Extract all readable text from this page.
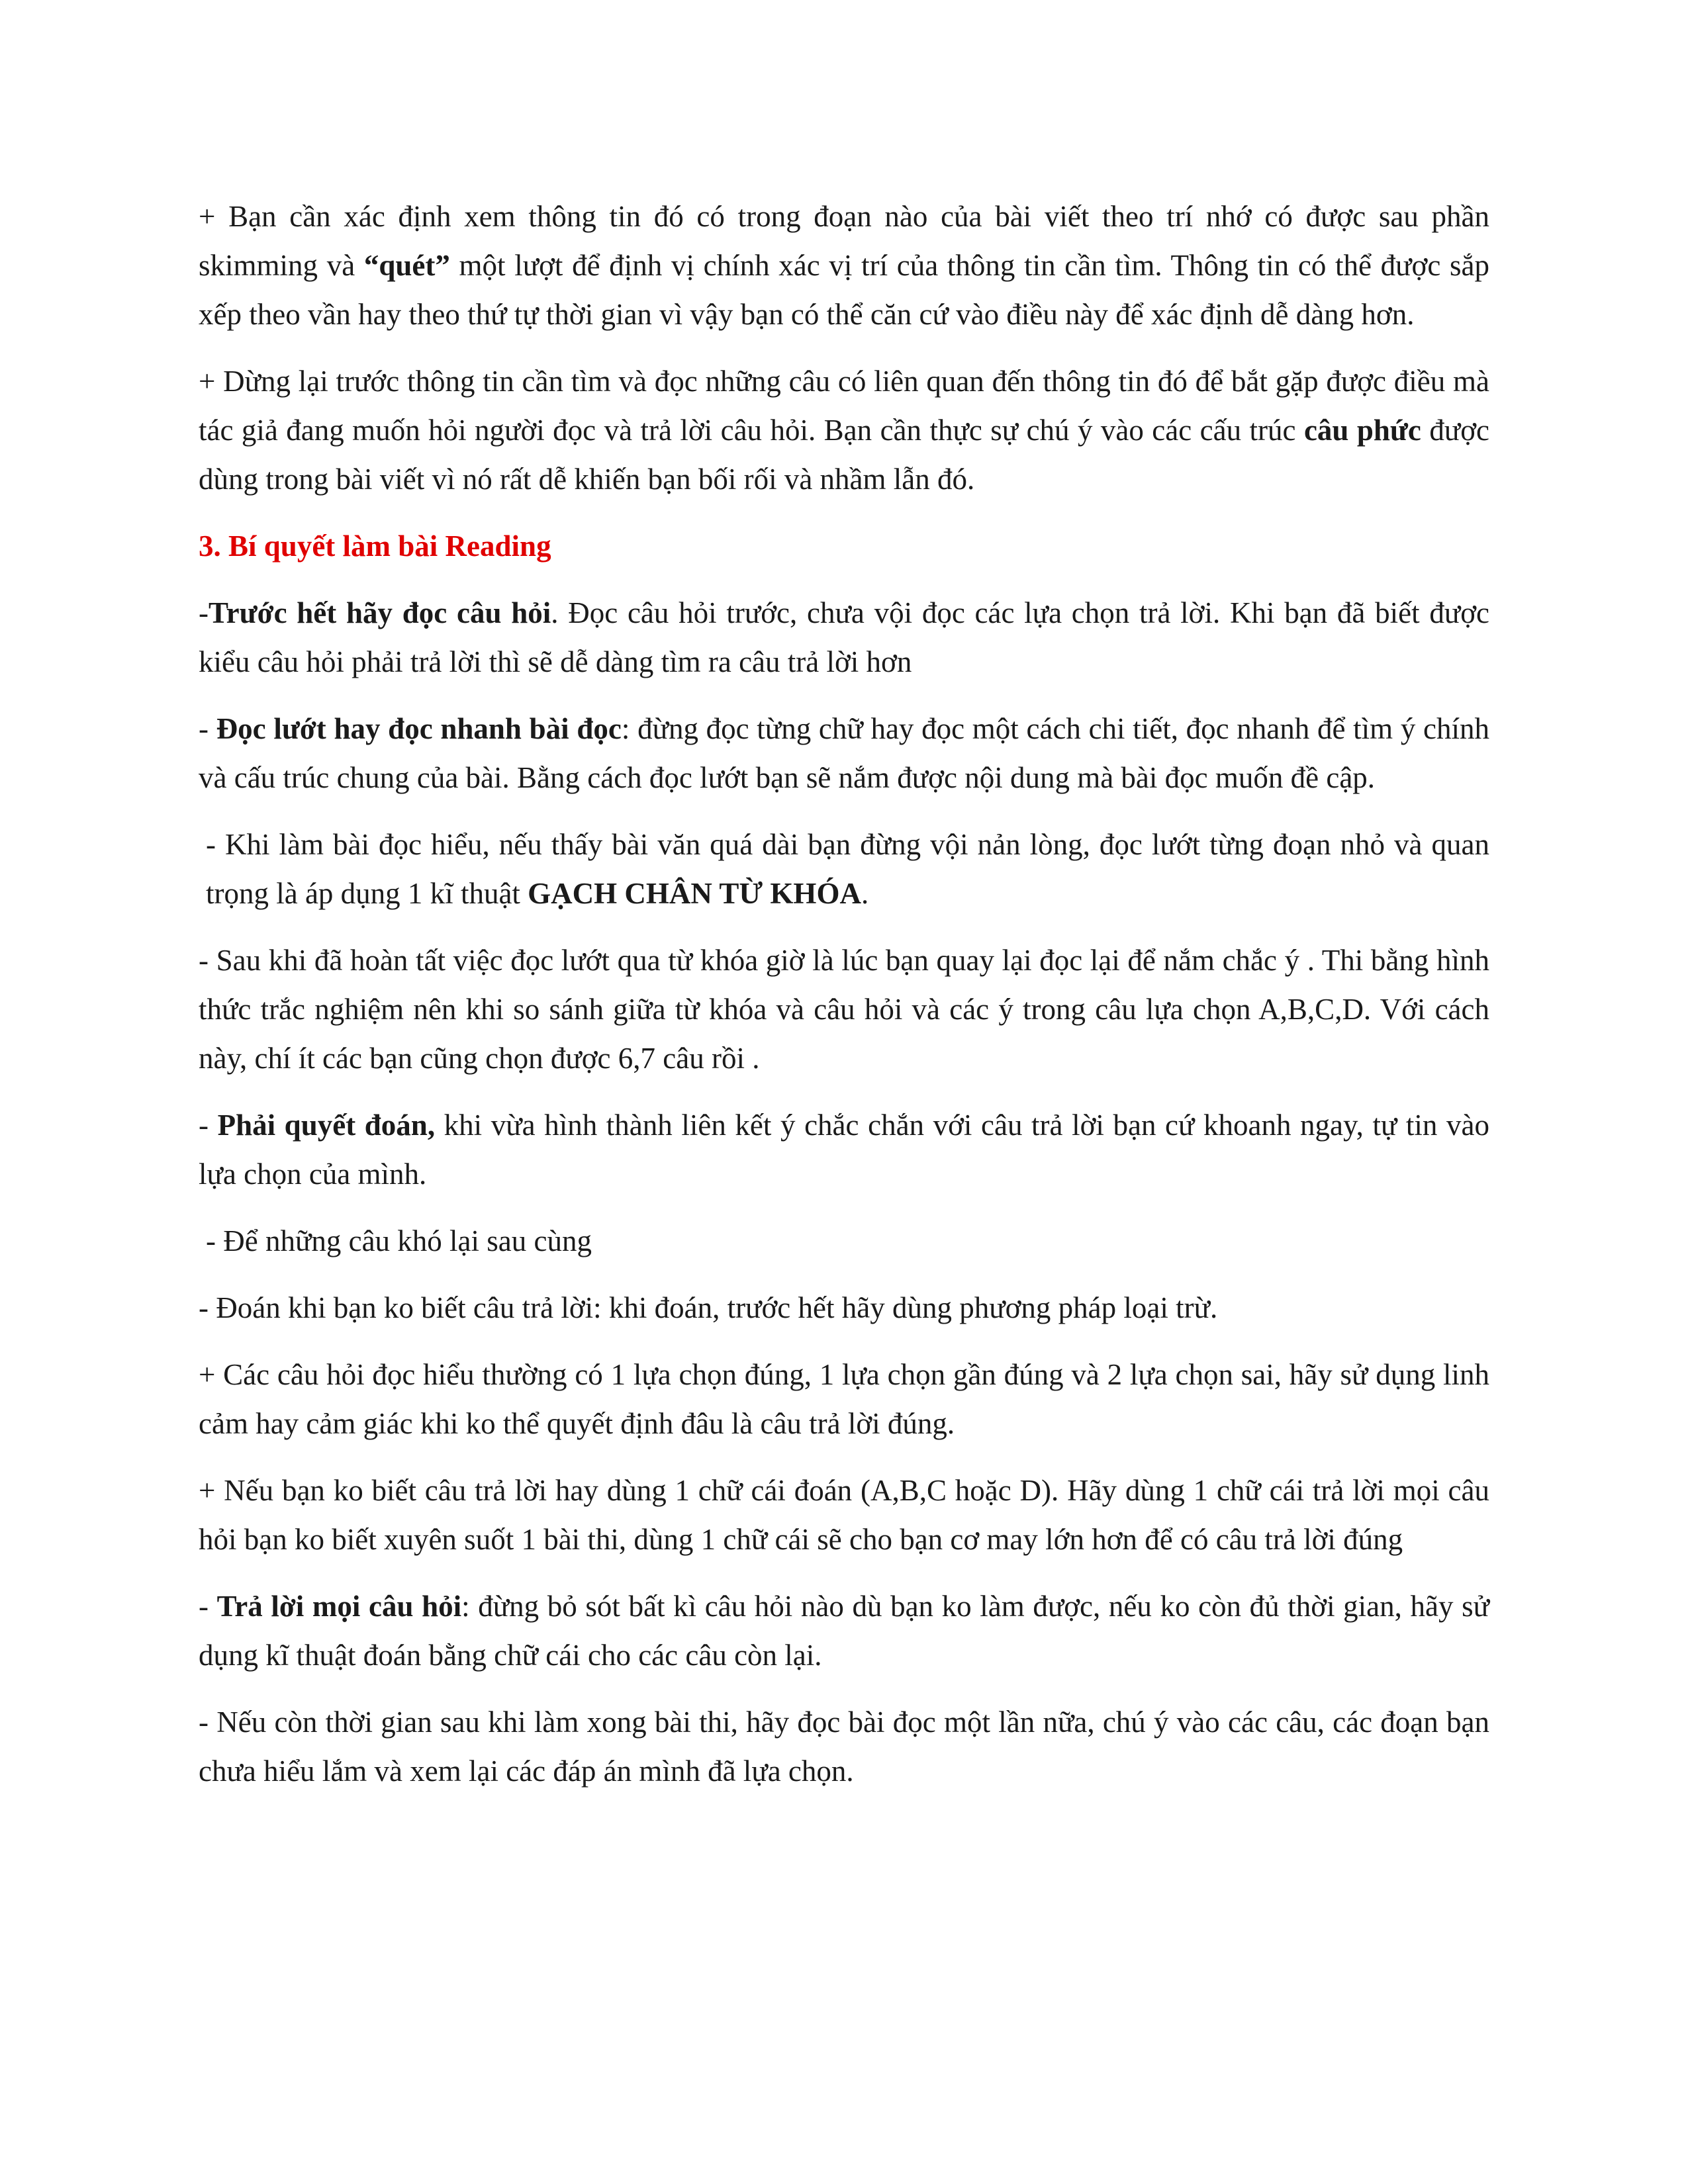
+ Bạn cần xác định xem thông tin đó có trong đoạn nào của bài viết theo trí nhớ có được sau phần skimming và “quét” một lượt để định vị chính xác vị trí của thông tin cần tìm. Thông tin có thể được sắp xếp theo vần hay theo thứ tự thời gian vì vậy bạn có thể căn cứ vào điều này để xác định dễ dàng hơn.

+ Dừng lại trước thông tin cần tìm và đọc những câu có liên quan đến thông tin đó để bắt gặp được điều mà tác giả đang muốn hỏi người đọc và trả lời câu hỏi. Bạn cần thực sự chú ý vào các cấu trúc câu phức được dùng trong bài viết vì nó rất dễ khiến bạn bối rối và nhầm lẫn đó.

3. Bí quyết làm bài Reading

-Trước hết hãy đọc câu hỏi. Đọc câu hỏi trước, chưa vội đọc các lựa chọn trả lời. Khi bạn đã biết được kiểu câu hỏi phải trả lời thì sẽ dễ dàng tìm ra câu trả lời hơn

- Đọc lướt hay đọc nhanh bài đọc: đừng đọc từng chữ hay đọc một cách chi tiết, đọc nhanh để tìm ý chính và cấu trúc chung của bài. Bằng cách đọc lướt bạn sẽ nắm được nội dung mà bài đọc muốn đề cập.

- Khi làm bài đọc hiểu, nếu thấy bài văn quá dài bạn đừng vội nản lòng, đọc lướt từng đoạn nhỏ và quan trọng là áp dụng 1 kĩ thuật GẠCH CHÂN TỪ KHÓA.

- Sau khi đã hoàn tất việc đọc lướt qua từ khóa giờ là lúc bạn quay lại đọc lại để nắm chắc ý . Thi bằng hình thức trắc nghiệm nên khi so sánh giữa từ khóa và câu hỏi và các ý trong câu lựa chọn A,B,C,D. Với cách này, chí ít các bạn cũng chọn được 6,7 câu rồi .

- Phải quyết đoán, khi vừa hình thành liên kết ý chắc chắn với câu trả lời bạn cứ khoanh ngay, tự tin vào lựa chọn của mình.

- Để những câu khó lại sau cùng

- Đoán khi bạn ko biết câu trả lời: khi đoán, trước hết hãy dùng phương pháp loại trừ.

+ Các câu hỏi đọc hiểu thường có 1 lựa chọn đúng, 1 lựa chọn gần đúng và 2 lựa chọn sai, hãy sử dụng linh cảm hay cảm giác khi ko thể quyết định đâu là câu trả lời đúng.

+ Nếu bạn ko biết câu trả lời hay dùng 1 chữ cái đoán (A,B,C hoặc D). Hãy dùng 1 chữ cái trả lời mọi câu hỏi bạn ko biết xuyên suốt 1 bài thi, dùng 1 chữ cái sẽ cho bạn cơ may lớn hơn để có câu trả lời đúng

- Trả lời mọi câu hỏi: đừng bỏ sót bất kì câu hỏi nào dù bạn ko làm được, nếu ko còn đủ thời gian, hãy sử dụng kĩ thuật đoán bằng chữ cái cho các câu còn lại.

- Nếu còn thời gian sau khi làm xong bài thi, hãy đọc bài đọc một lần nữa, chú ý vào các câu, các đoạn bạn chưa hiểu lắm và xem lại các đáp án mình đã lựa chọn.
